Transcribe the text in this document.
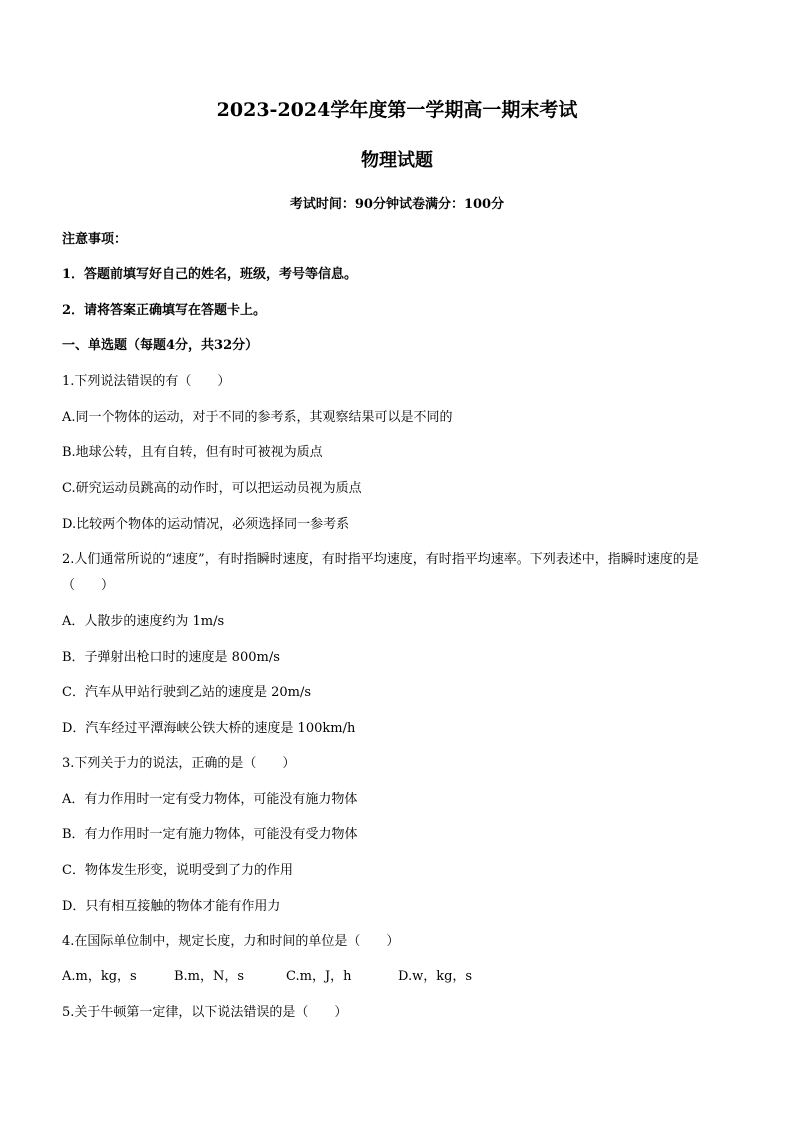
2023-2024学年度第一学期高一期末考试
物理试题
考试时间：90分钟试卷满分：100分
注意事项：
1．答题前填写好自己的姓名，班级，考号等信息。
2．请将答案正确填写在答题卡上。
一、单选题（每题4分，共32分）
1.下列说法错误的有（　　）
A.同一个物体的运动，对于不同的参考系，其观察结果可以是不同的
B.地球公转，且有自转，但有时可被视为质点
C.研究运动员跳高的动作时，可以把运动员视为质点
D.比较两个物体的运动情况，必须选择同一参考系
2.人们通常所说的“速度”，有时指瞬时速度，有时指平均速度，有时指平均速率。下列表述中，指瞬时速度的是（　　）
A．人散步的速度约为 1m/s
B．子弹射出枪口时的速度是 800m/s
C．汽车从甲站行驶到乙站的速度是 20m/s
D．汽车经过平潭海峡公铁大桥的速度是 100km/h
3.下列关于力的说法，正确的是（　　）
A．有力作用时一定有受力物体，可能没有施力物体
B．有力作用时一定有施力物体，可能没有受力物体
C．物体发生形变，说明受到了力的作用
D．只有相互接触的物体才能有作用力
4.在国际单位制中，规定长度，力和时间的单位是（　　）
A.m，kg，s	B.m，N，s	C.m，J，h	D.w，kg，s
5.关于牛顿第一定律，以下说法错误的是（　　）
